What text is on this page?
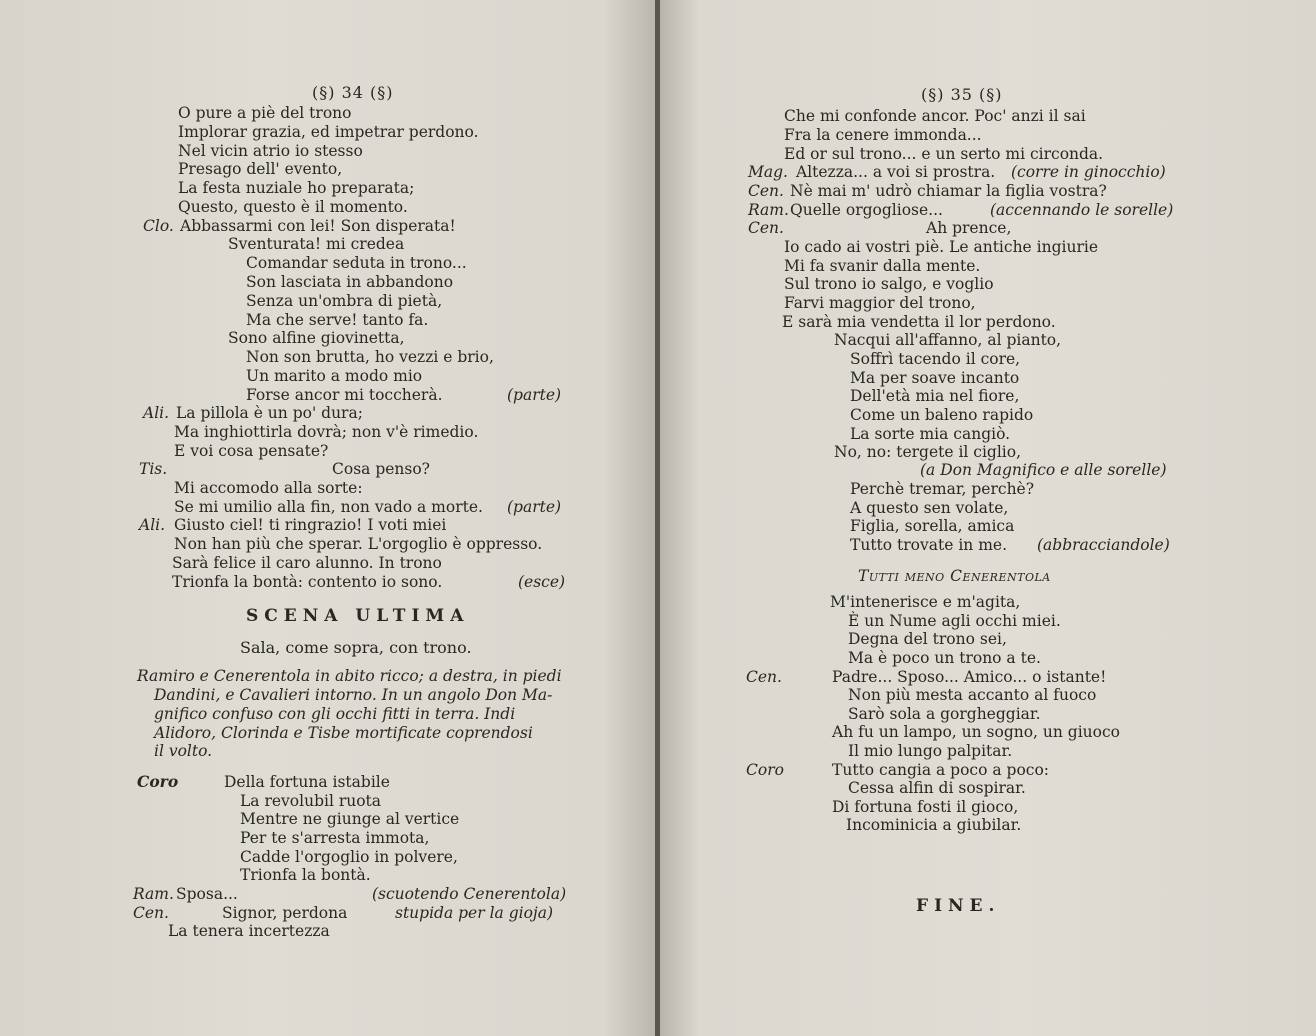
(§) 34 (§)
O pure a piè del trono
Implorar grazia, ed impetrar perdono.
Nel vicin atrio io stesso
Presago dell' evento,
La festa nuziale ho preparata;
Questo, questo è il momento.
Clo. Abbassarmi con lei! Son disperata!
Sventurata! mi credea
Comandar seduta in trono...
Son lasciata in abbandono
Senza un'ombra di pietà,
Ma che serve! tanto fa.
Sono alfine giovinetta,
Non son brutta, ho vezzi e brio,
Un marito a modo mio
Forse ancor mi toccherà.	(parte)
Ali. La pillola è un po' dura;
Ma inghiottirla dovrà; non v'è rimedio.
E voi cosa pensate?
Tis.	Cosa penso?
Mi accomodo alla sorte:
Se mi umilio alla fin, non vado a morte. (parte)
Ali. Giusto ciel! ti ringrazio! I voti miei
Non han più che sperar. L'orgoglio è oppresso.
Sarà felice il caro alunno. In trono
Trionfa la bontà: contento io sono.	(esce)
SCENA ULTIMA
Sala, come sopra, con trono.
Ramiro e Cenerentola in abito ricco; a destra, in piedi
Dandini, e Cavalieri intorno. In un angolo Don Ma-
gnifico confuso con gli occhi fitti in terra. Indi
Alidoro, Clorinda e Tisbe mortificate coprendosi
il volto.
Coro	Della fortuna istabile
La revolubil ruota
Mentre ne giunge al vertice
Per te s'arresta immota,
Cadde l'orgoglio in polvere,
Trionfa la bontà.
Ram. Sposa...	(scuotendo Cenerentola)
Cen.	Signor, perdona	stupida per la gioja)
La tenera incertezza
(§) 35 (§)
Che mi confonde ancor. Poc' anzi il sai
Fra la cenere immonda...
Ed or sul trono... e un serto mi circonda.
Mag. Altezza... a voi si prostra. (corre in ginocchio)
Cen. Nè mai m' udrò chiamar la figlia vostra?
Ram. Quelle orgogliose...	(accennando le sorelle)
Cen.	Ah prence,
Io cado ai vostri piè. Le antiche ingiurie
Mi fa svanir dalla mente.
Sul trono io salgo, e voglio
Farvi maggior del trono,
E sarà mia vendetta il lor perdono.
Nacqui all'affanno, al pianto,
Soffrì tacendo il core,
Ma per soave incanto
Dell'età mia nel fiore,
Come un baleno rapido
La sorte mia cangiò.
No, no: tergete il ciglio,
(a Don Magnifico e alle sorelle)
Perchè tremar, perchè?
A questo sen volate,
Figlia, sorella, amica
Tutto trovate in me. (abbracciandole)
Tutti meno Cenerentola
M'intenerisce e m'agita,
È un Nume agli occhi miei.
Degna del trono sei,
Ma è poco un trono a te.
Cen.	Padre... Sposo... Amico... o istante!
Non più mesta accanto al fuoco
Sarò sola a gorgheggiar.
Ah fu un lampo, un sogno, un giuoco
Il mio lungo palpitar.
Coro	Tutto cangia a poco a poco:
Cessa alfin di sospirar.
Di fortuna fosti il gioco,
Incominicia a giubilar.
FINE.
